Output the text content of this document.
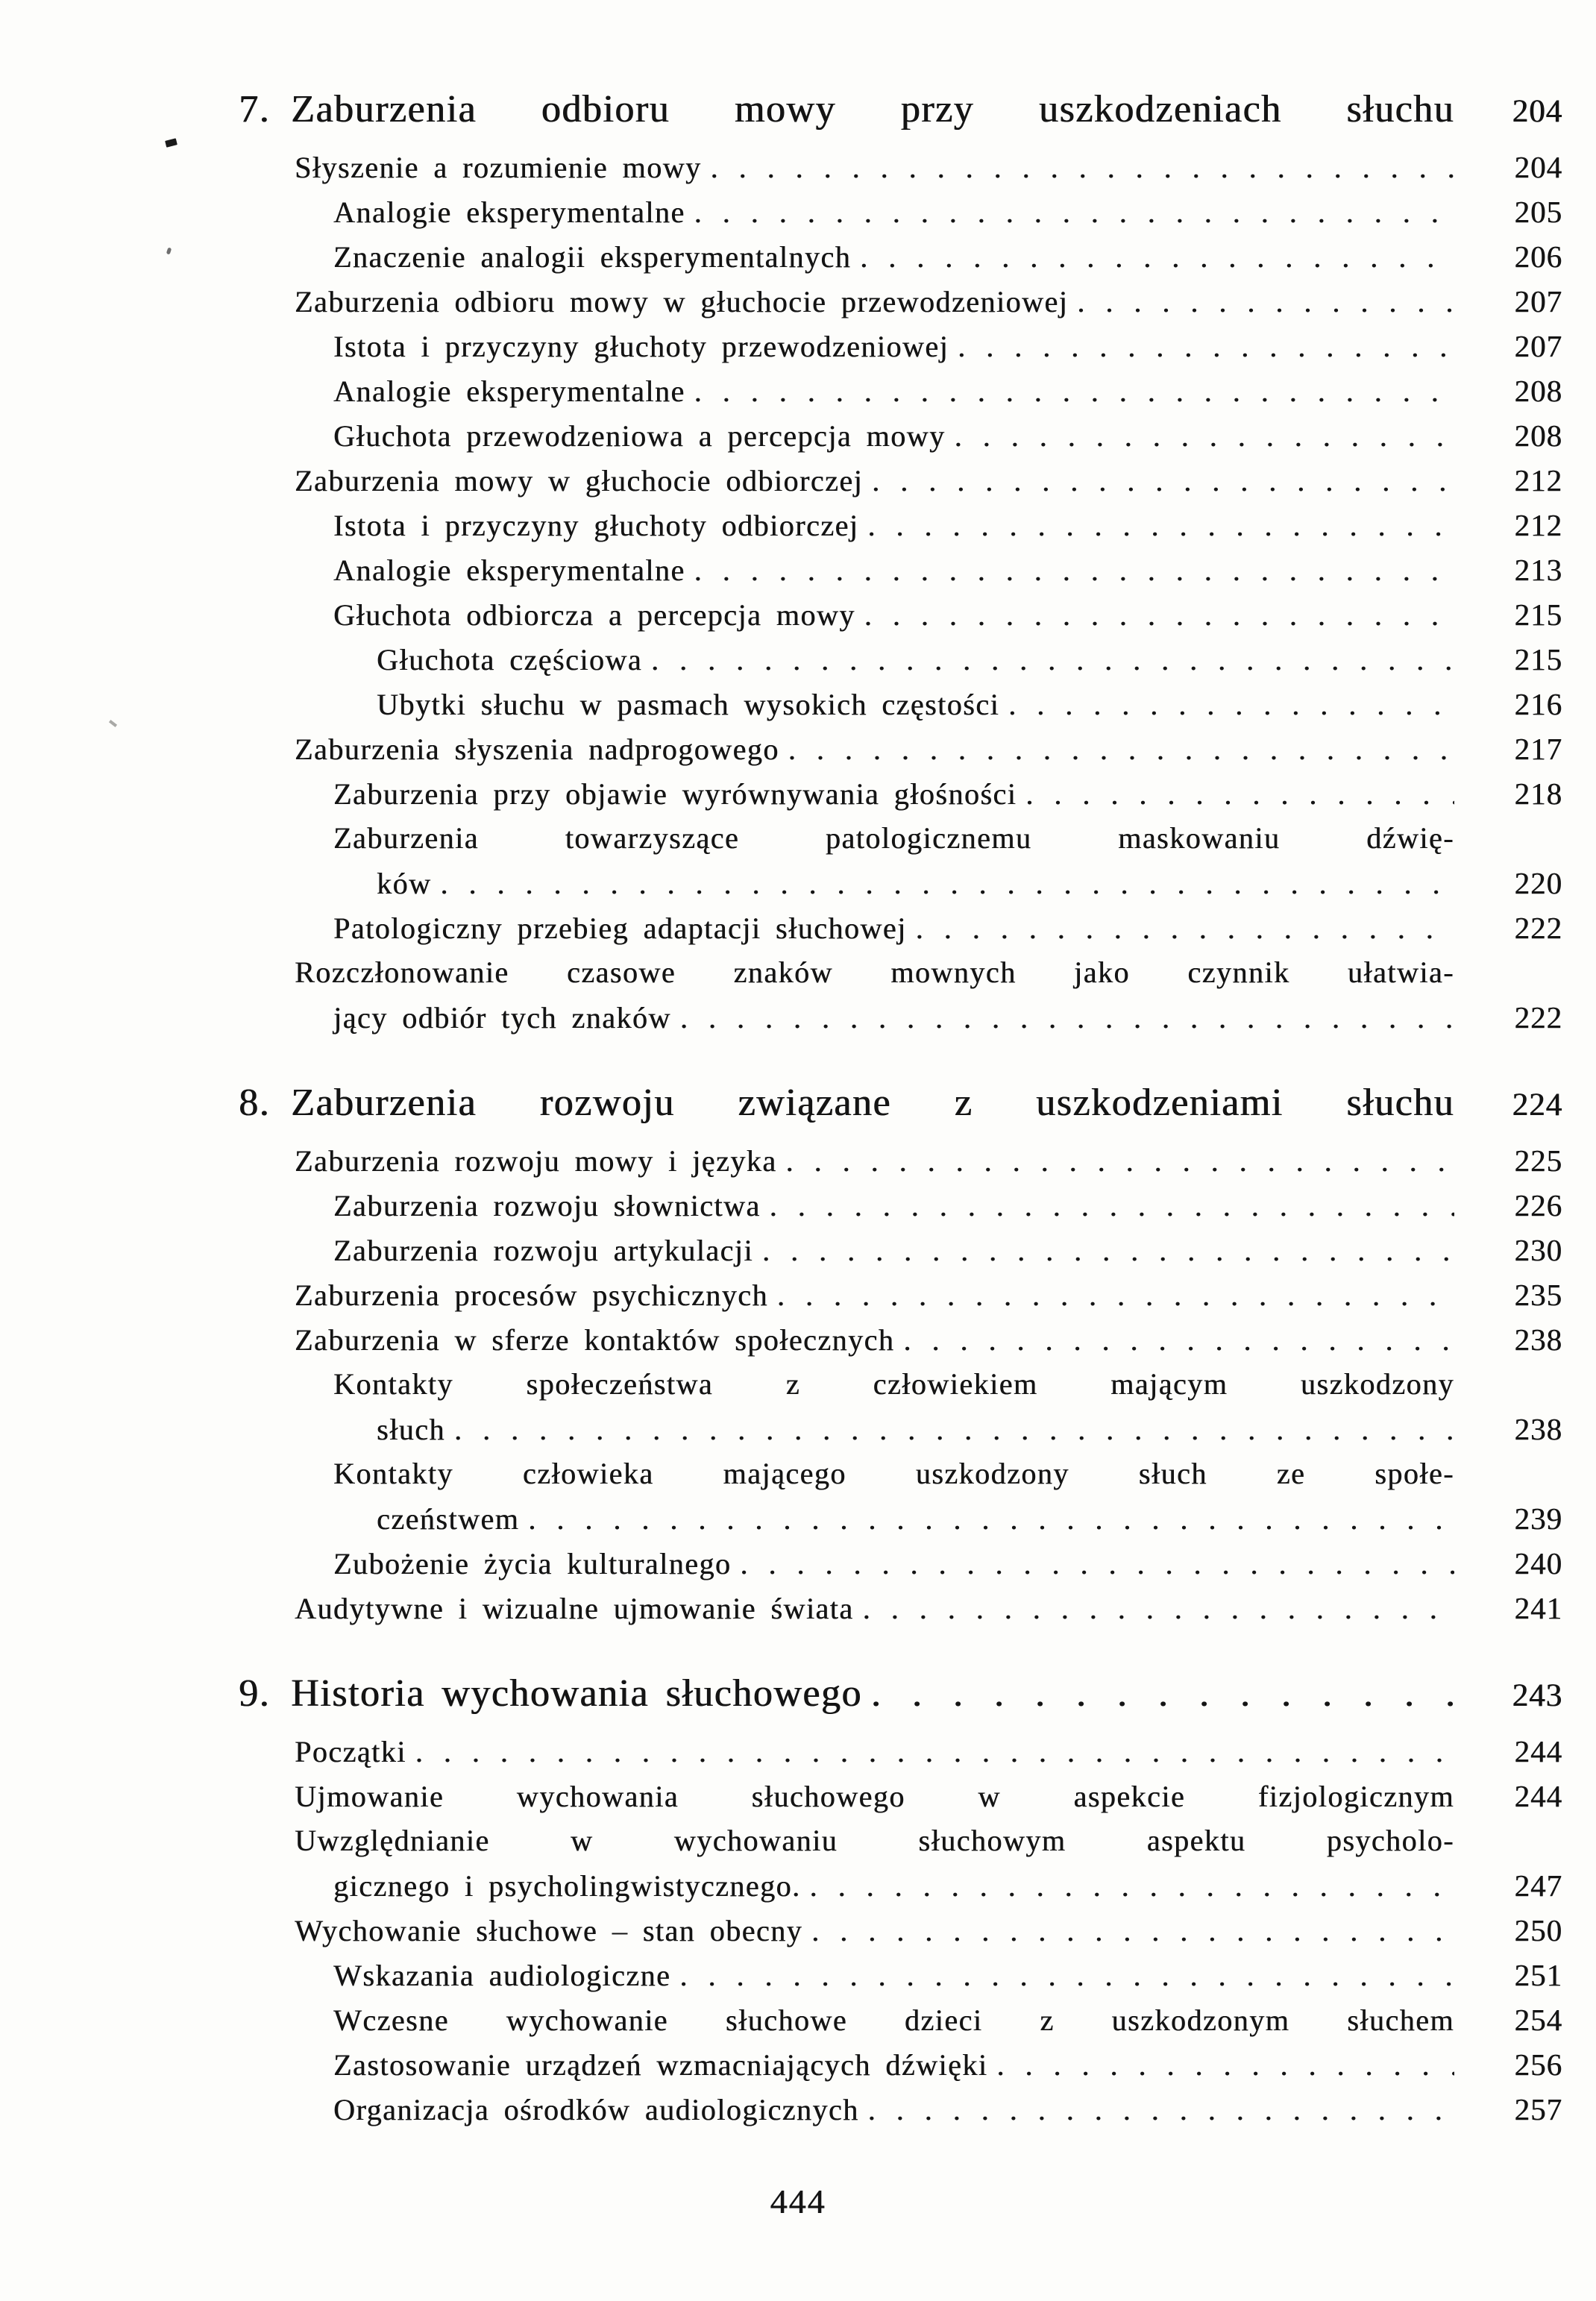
7. Zaburzenia odbioru mowy przy uszkodzeniach słuchu	204
Słyszenie a rozumienie mowy .....	204
Analogie eksperymentalne .....	205
Znaczenie analogii eksperymentalnych .....	206
Zaburzenia odbioru mowy w głuchocie przewodzeniowej .....	207
Istota i przyczyny głuchoty przewodzeniowej .....	207
Analogie eksperymentalne .....	208
Głuchota przewodzeniowa a percepcja mowy .....	208
Zaburzenia mowy w głuchocie odbiorczej .....	212
Istota i przyczyny głuchoty odbiorczej .....	212
Analogie eksperymentalne .....	213
Głuchota odbiorcza a percepcja mowy .....	215
Głuchota częściowa .....	215
Ubytki słuchu w pasmach wysokich częstości .....	216
Zaburzenia słyszenia nadprogowego .....	217
Zaburzenia przy objawie wyrównywania głośności .....	218
Zaburzenia towarzyszące patologicznemu maskowaniu dźwię-
ków .....	220
Patologiczny przebieg adaptacji słuchowej .....	222
Rozczłonowanie czasowe znaków mownych jako czynnik ułatwia-
jący odbiór tych znaków .....	222
8. Zaburzenia rozwoju związane z uszkodzeniami słuchu	224
Zaburzenia rozwoju mowy i języka .....	225
Zaburzenia rozwoju słownictwa .....	226
Zaburzenia rozwoju artykulacji .....	230
Zaburzenia procesów psychicznych .....	235
Zaburzenia w sferze kontaktów społecznych .....	238
Kontakty społeczeństwa z człowiekiem mającym uszkodzony
słuch .....	238
Kontakty człowieka mającego uszkodzony słuch ze społe-
czeństwem .....	239
Zubożenie życia kulturalnego .....	240
Audytywne i wizualne ujmowanie świata .....	241
9. Historia wychowania słuchowego .....	243
Początki .....	244
Ujmowanie wychowania słuchowego w aspekcie fizjologicznym	244
Uwzględnianie w wychowaniu słuchowym aspektu psycholo-
gicznego i psycholingwistycznego. .....	247
Wychowanie słuchowe – stan obecny .....	250
Wskazania audiologiczne .....	251
Wczesne wychowanie słuchowe dzieci z uszkodzonym słuchem	254
Zastosowanie urządzeń wzmacniających dźwięki .....	256
Organizacja ośrodków audiologicznych .....	257
444
